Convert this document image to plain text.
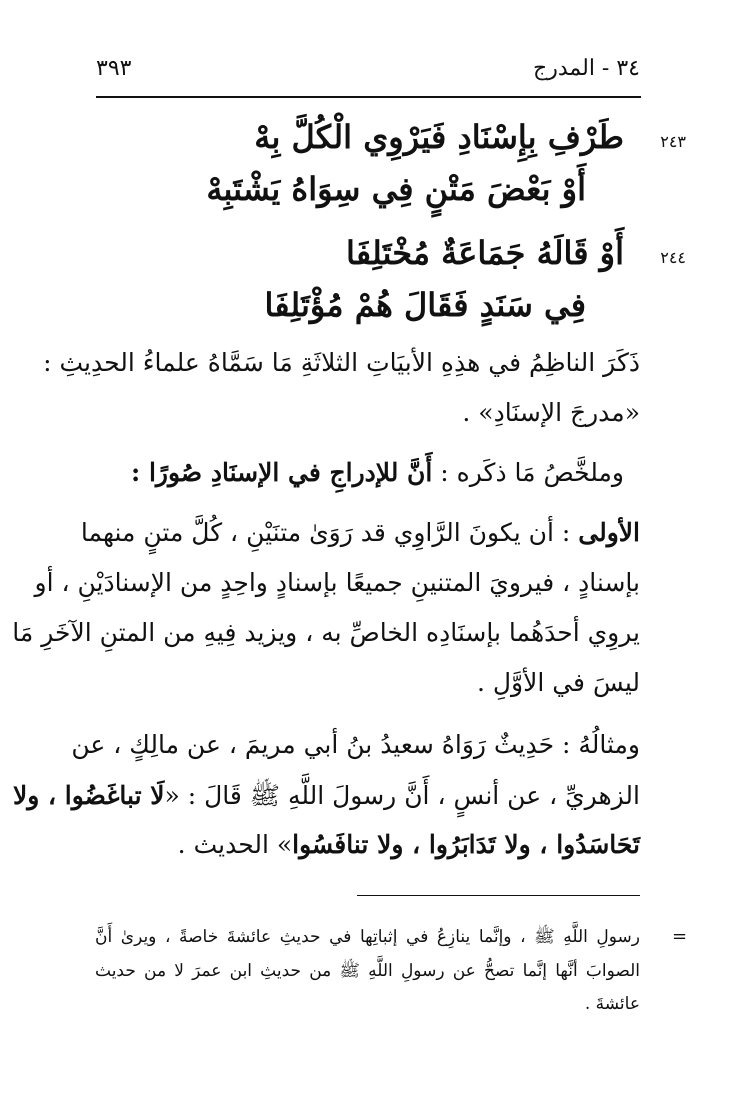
٣٤ - المدرج
٣٩٣
٢٤٣
طَرْفِ بِإِسْنَادِ فَيَرْوِي الْكُلَّ بِهْ
أَوْ بَعْضَ مَتْنٍ فِي سِوَاهُ يَشْتَبِهْ
٢٤٤
أَوْ قَالَهُ جَمَاعَةٌ مُخْتَلِفَا
فِي سَنَدٍ فَقَالَ هُمْ مُؤْتَلِفَا
ذَكَرَ الناظِمُ في هذِهِ الأبيَاتِ الثلاثَةِ مَا سَمَّاهُ علماءُ الحدِيثِ :
«مدرجَ الإسنَادِ» .
وملخَّصُ مَا ذكَره : أَنَّ للإدراجِ في الإسنَادِ صُورًا :
الأولى : أن يكونَ الرَّاوِي قد رَوَىٰ متنَيْنِ ، كُلَّ متنٍ منهما
بإسنادٍ ، فيرويَ المتنينِ جميعًا بإسنادٍ واحِدٍ من الإسنادَيْنِ ، أو
يروِي أحدَهُما بإسنَادِه الخاصِّ به ، ويزيد فِيهِ من المتنِ الآخَرِ مَا
ليسَ في الأوَّلِ .
ومثالُهُ : حَدِيثٌ رَوَاهُ سعيدُ بنُ أبي مريمَ ، عن مالِكٍ ، عن
الزهريِّ ، عن أنسٍ ، أَنَّ رسولَ اللَّهِ ﷺ قَالَ : «لَا تباغَضُوا ، ولا
تَحَاسَدُوا ، ولا تَدَابَرُوا ، ولا تنافَسُوا» الحديث .
=
رسولِ اللَّهِ ﷺ ، وإنَّما ينازِعُ في إثباتِها في حديثِ عائشةَ خاصةً ، ويرىٰ أَنَّ
الصوابَ أنَّها إنَّما تصحُّ عن رسولِ اللَّهِ ﷺ من حديثِ ابن عمرَ لا من حديث
عائشةَ .
